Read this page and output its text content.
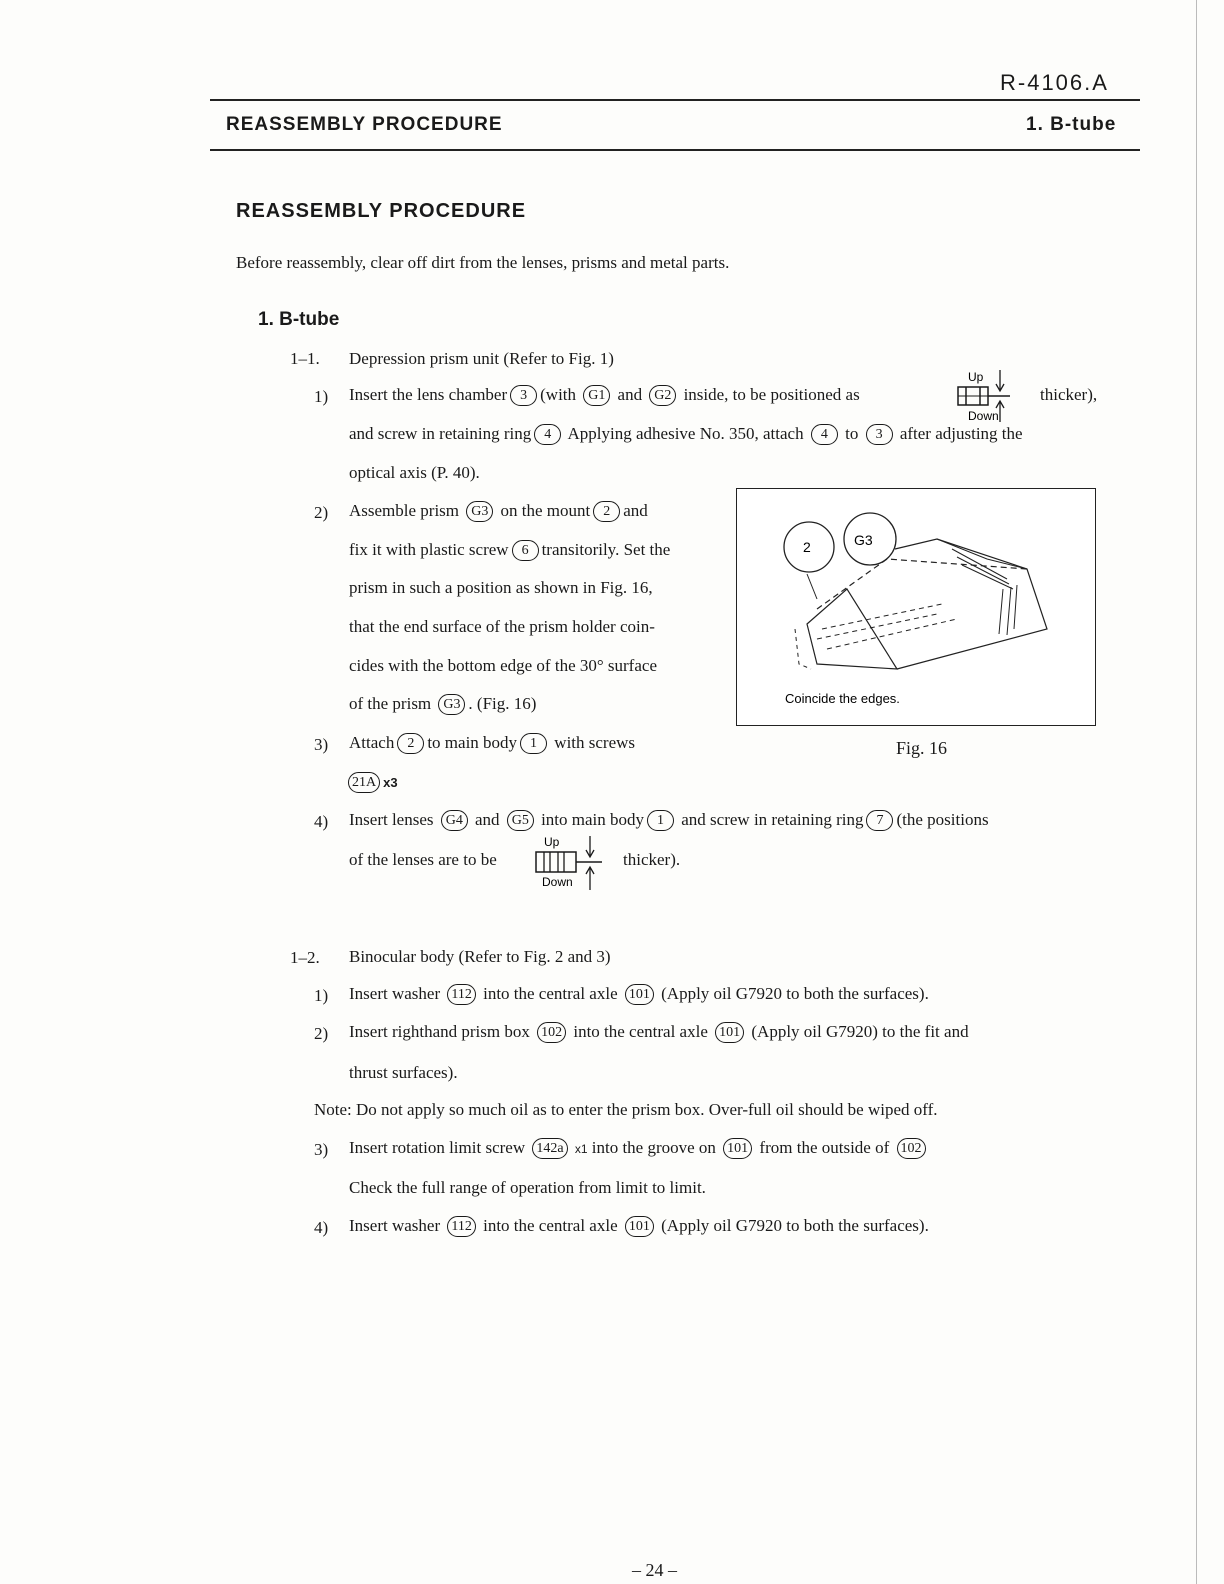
R-4106.A
REASSEMBLY PROCEDURE	1. B-tube
REASSEMBLY PROCEDURE
Before reassembly, clear off dirt from the lenses, prisms and metal parts.
1. B-tube
1–1. Depression prism unit (Refer to Fig. 1)
1) Insert the lens chamber 3 (with G1 and G2 inside, to be positioned as
Up
Down
thicker),
and screw in retaining ring 4 Applying adhesive No. 350, attach 4 to 3 after adjusting the
optical axis (P. 40).
2) Assemble prism G3 on the mount 2 and
fix it with plastic screw 6 transitorily. Set the
prism in such a position as shown in Fig. 16,
that the end surface of the prism holder coin-
cides with the bottom edge of the 30° surface
of the prism G3 . (Fig. 16)
2	G3
Coincide the edges.
Fig. 16
3) Attach 2 to main body 1 with screws
21A x3
4) Insert lenses G4 and G5 into main body 1 and screw in retaining ring 7 (the positions
of the lenses are to be
Up
Down
thicker).
1–2. Binocular body (Refer to Fig. 2 and 3)
1) Insert washer 112 into the central axle 101 (Apply oil G7920 to both the surfaces).
2) Insert righthand prism box 102 into the central axle 101 (Apply oil G7920) to the fit and
thrust surfaces).
Note: Do not apply so much oil as to enter the prism box. Over-full oil should be wiped off.
3) Insert rotation limit screw 142a x1 into the groove on 101 from the outside of 102
Check the full range of operation from limit to limit.
4) Insert washer 112 into the central axle 101 (Apply oil G7920 to both the surfaces).
– 24 –
